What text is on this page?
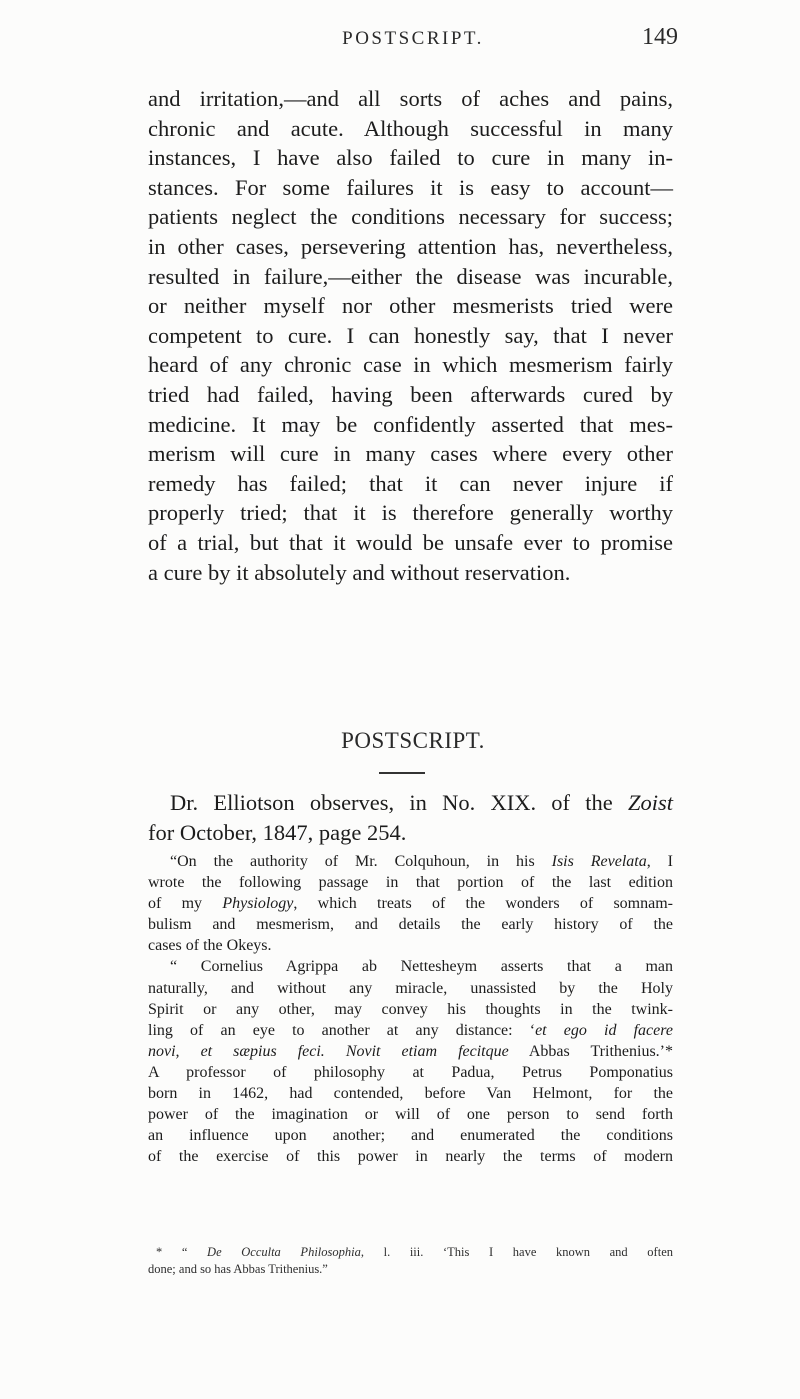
POSTSCRIPT.	149

and irritation,—and all sorts of aches and pains,
chronic and acute. Although successful in many
instances, I have also failed to cure in many in-
stances. For some failures it is easy to account—
patients neglect the conditions necessary for success;
in other cases, persevering attention has, nevertheless,
resulted in failure,—either the disease was incurable,
or neither myself nor other mesmerists tried were
competent to cure. I can honestly say, that I never
heard of any chronic case in which mesmerism fairly
tried had failed, having been afterwards cured by
medicine. It may be confidently asserted that mes-
merism will cure in many cases where every other
remedy has failed; that it can never injure if
properly tried; that it is therefore generally worthy
of a trial, but that it would be unsafe ever to promise
a cure by it absolutely and without reservation.

POSTSCRIPT.

Dr. Elliotson observes, in No. XIX. of the Zoist
for October, 1847, page 254.

“On the authority of Mr. Colquhoun, in his Isis Revelata, I
wrote the following passage in that portion of the last edition
of my Physiology, which treats of the wonders of somnam-
bulism and mesmerism, and details the early history of the
cases of the Okeys.
“ Cornelius Agrippa ab Nettesheym asserts that a man
naturally, and without any miracle, unassisted by the Holy
Spirit or any other, may convey his thoughts in the twink-
ling of an eye to another at any distance: ‘et ego id facere
novi, et sæpius feci. Novit etiam fecitque Abbas Trithenius.’*
A professor of philosophy at Padua, Petrus Pomponatius
born in 1462, had contended, before Van Helmont, for the
power of the imagination or will of one person to send forth
an influence upon another; and enumerated the conditions
of the exercise of this power in nearly the terms of modern

* “ De Occulta Philosophia, l. iii. ‘This I have known and often
done; and so has Abbas Trithenius.”
